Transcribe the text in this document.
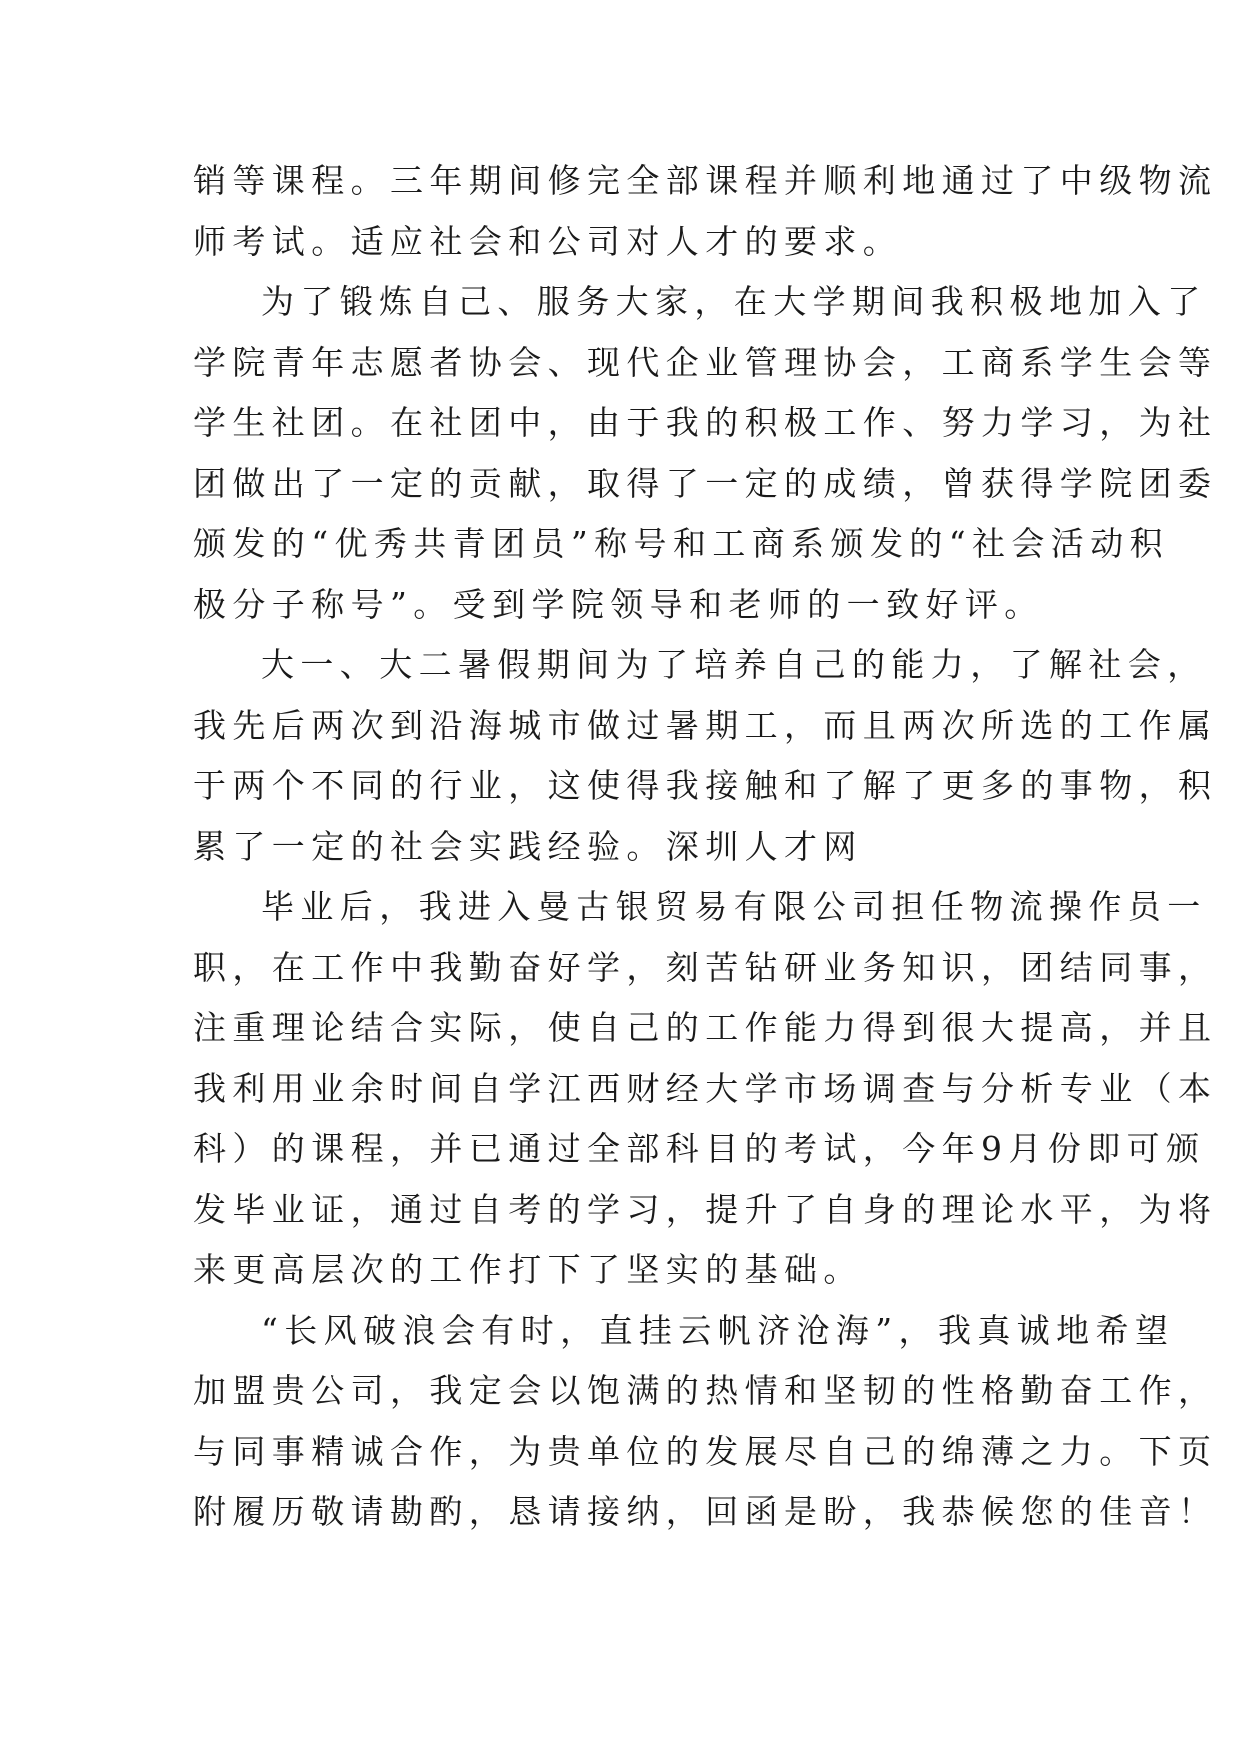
销等课程。三年期间修完全部课程并顺利地通过了中级物流
师考试。适应社会和公司对人才的要求。
为了锻炼自己、服务大家，在大学期间我积极地加入了
学院青年志愿者协会、现代企业管理协会，工商系学生会等
学生社团。在社团中，由于我的积极工作、努力学习，为社
团做出了一定的贡献，取得了一定的成绩，曾获得学院团委
颁发的“优秀共青团员”称号和工商系颁发的“社会活动积
极分子称号”。受到学院领导和老师的一致好评。
大一、大二暑假期间为了培养自己的能力，了解社会，
我先后两次到沿海城市做过暑期工，而且两次所选的工作属
于两个不同的行业，这使得我接触和了解了更多的事物，积
累了一定的社会实践经验。深圳人才网
毕业后，我进入曼古银贸易有限公司担任物流操作员一
职，在工作中我勤奋好学，刻苦钻研业务知识，团结同事，
注重理论结合实际，使自己的工作能力得到很大提高，并且
我利用业余时间自学江西财经大学市场调查与分析专业（本
科）的课程，并已通过全部科目的考试，今年9月份即可颁
发毕业证，通过自考的学习，提升了自身的理论水平，为将
来更高层次的工作打下了坚实的基础。
“长风破浪会有时，直挂云帆济沧海”，我真诚地希望
加盟贵公司，我定会以饱满的热情和坚韧的性格勤奋工作，
与同事精诚合作，为贵单位的发展尽自己的绵薄之力。下页
附履历敬请勘酌，恳请接纳，回函是盼，我恭候您的佳音！
